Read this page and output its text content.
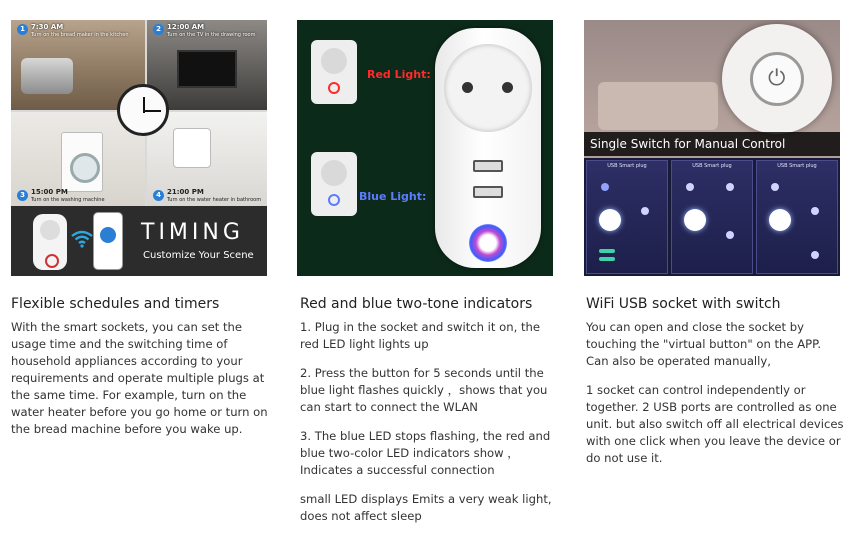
1 7:30 AM
Turn on the bread maker in the kitchen
2 12:00 AM
Turn on the TV in the drawing room
3 15:00 PM
Turn on the washing machine
4 21:00 PM
Turn on the water heater in bathroom
TIMING
Customize Your Scene
Flexible schedules and timers
With the smart sockets, you can set the usage time and the switching time of household appliances according to your requirements and operate multiple plugs at the same time. For example, turn on the water heater before you go home or turn on the bread machine before you wake up.
Red Light:
Blue Light:
Red and blue two-tone indicators
1. Plug in the socket and switch it on, the red LED light lights up
2. Press the button for 5 seconds until the blue light flashes quickly ，shows that you can start to connect the WLAN
3. The blue LED stops flashing, the red and blue two-color LED indicators show ，Indicates a successful connection
small LED displays Emits a very weak light, does not affect sleep
⏻
Single Switch for Manual Control
USB Smart plug	USB Smart plug	USB Smart plug
WiFi USB socket with switch
You can open and close the socket by touching the "virtual button" on the APP. Can also be operated manually,
1 socket can control independently or together. 2 USB ports are controlled as one unit. but also switch off all electrical devices with one click when you leave the device or do not use it.
